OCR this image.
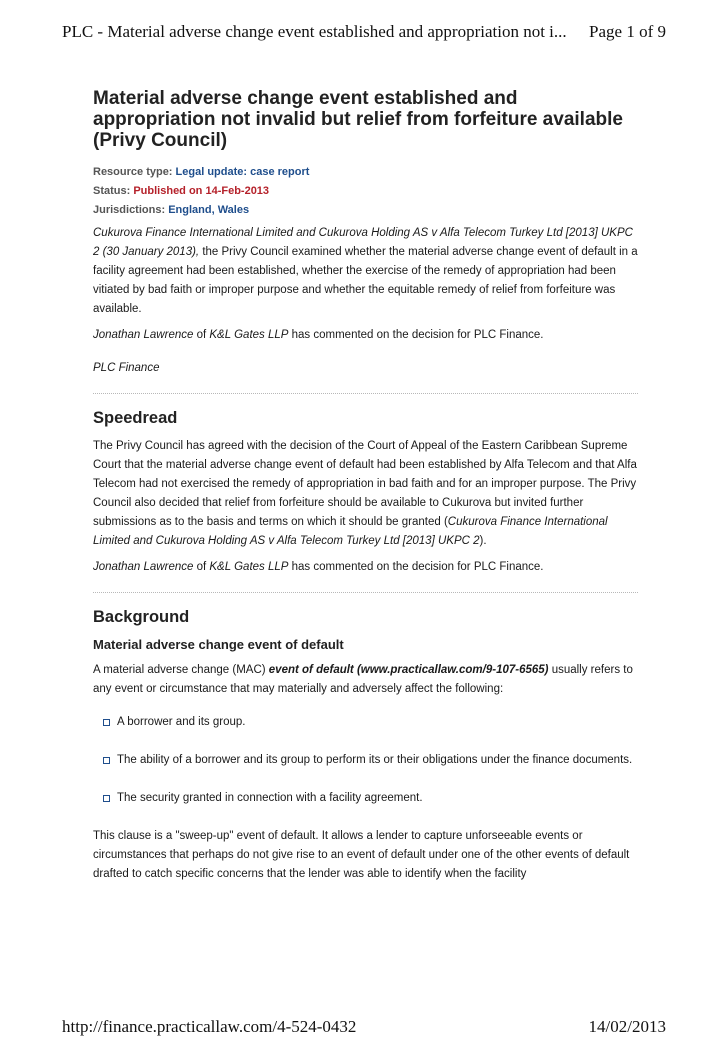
PLC - Material adverse change event established and appropriation not i... Page 1 of 9
Material adverse change event established and appropriation not invalid but relief from forfeiture available (Privy Council)
Resource type: Legal update: case report
Status: Published on 14-Feb-2013
Jurisdictions: England, Wales

Cukurova Finance International Limited and Cukurova Holding AS v Alfa Telecom Turkey Ltd [2013] UKPC 2 (30 January 2013), the Privy Council examined whether the material adverse change event of default in a facility agreement had been established, whether the exercise of the remedy of appropriation had been vitiated by bad faith or improper purpose and whether the equitable remedy of relief from forfeiture was available.

Jonathan Lawrence of K&L Gates LLP has commented on the decision for PLC Finance.

PLC Finance

Speedread

The Privy Council has agreed with the decision of the Court of Appeal of the Eastern Caribbean Supreme Court that the material adverse change event of default had been established by Alfa Telecom and that Alfa Telecom had not exercised the remedy of appropriation in bad faith and for an improper purpose. The Privy Council also decided that relief from forfeiture should be available to Cukurova but invited further submissions as to the basis and terms on which it should be granted (Cukurova Finance International Limited and Cukurova Holding AS v Alfa Telecom Turkey Ltd [2013] UKPC 2).

Jonathan Lawrence of K&L Gates LLP has commented on the decision for PLC Finance.

Background
Material adverse change event of default

A material adverse change (MAC) event of default (www.practicallaw.com/9-107-6565) usually refers to any event or circumstance that may materially and adversely affect the following:

A borrower and its group.
The ability of a borrower and its group to perform its or their obligations under the finance documents.
The security granted in connection with a facility agreement.

This clause is a "sweep-up" event of default. It allows a lender to capture unforseeable events or circumstances that perhaps do not give rise to an event of default under one of the other events of default drafted to catch specific concerns that the lender was able to identify when the facility

http://finance.practicallaw.com/4-524-0432	14/02/2013
